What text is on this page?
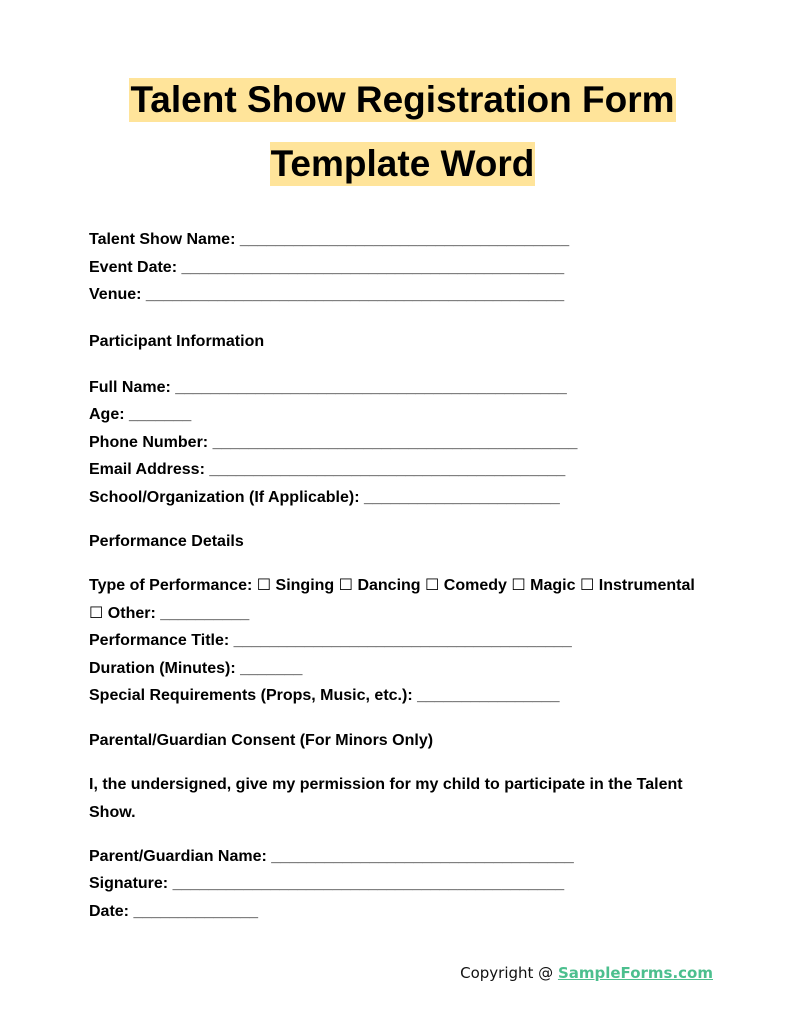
Talent Show Registration Form
Template Word
Talent Show Name: _____________________________________
Event Date: ___________________________________________
Venue: _______________________________________________
Participant Information
Full Name: ____________________________________________
Age: _______
Phone Number: _________________________________________
Email Address: ________________________________________
School/Organization (If Applicable): ______________________
Performance Details
Type of Performance: ☐ Singing ☐ Dancing ☐ Comedy ☐ Magic ☐ Instrumental
☐ Other: __________
Performance Title: ______________________________________
Duration (Minutes): _______
Special Requirements (Props, Music, etc.): ________________
Parental/Guardian Consent (For Minors Only)
I, the undersigned, give my permission for my child to participate in the Talent Show.
Parent/Guardian Name: __________________________________
Signature: ____________________________________________
Date: ______________
Copyright @ SampleForms.com
